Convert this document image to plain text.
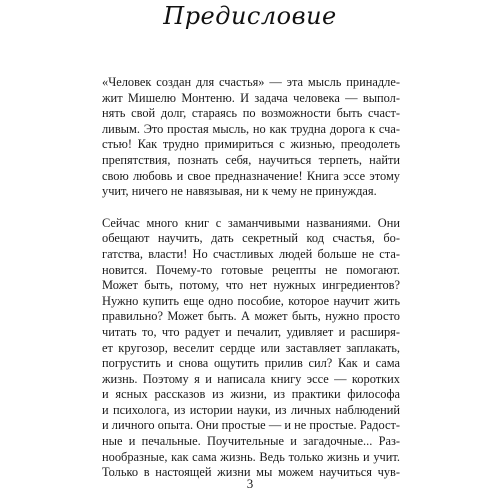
Предисловие
«Человек создан для счастья» — эта мысль принадле-
жит Мишелю Монтеню. И задача человека — выпол-
нять свой долг, стараясь по возможности быть счаст-
ливым. Это простая мысль, но как трудна дорога к сча-
стью! Как трудно примириться с жизнью, преодолеть
препятствия, познать себя, научиться терпеть, найти
свою любовь и свое предназначение! Книга эссе этому
учит, ничего не навязывая, ни к чему не принуждая.
Сейчас много книг с заманчивыми названиями. Они
обещают научить, дать секретный код счастья, бо-
гатства, власти! Но счастливых людей больше не ста-
новится. Почему-то готовые рецепты не помогают.
Может быть, потому, что нет нужных ингредиентов?
Нужно купить еще одно пособие, которое научит жить
правильно? Может быть. А может быть, нужно просто
читать то, что радует и печалит, удивляет и расширя-
ет кругозор, веселит сердце или заставляет заплакать,
погрустить и снова ощутить прилив сил? Как и сама
жизнь. Поэтому я и написала книгу эссе — коротких
и ясных рассказов из жизни, из практики философа
и психолога, из истории науки, из личных наблюдений
и личного опыта. Они простые — и не простые. Радост-
ные и печальные. Поучительные и загадочные... Раз-
нообразные, как сама жизнь. Ведь только жизнь и учит.
Только в настоящей жизни мы можем научиться чув-
3
